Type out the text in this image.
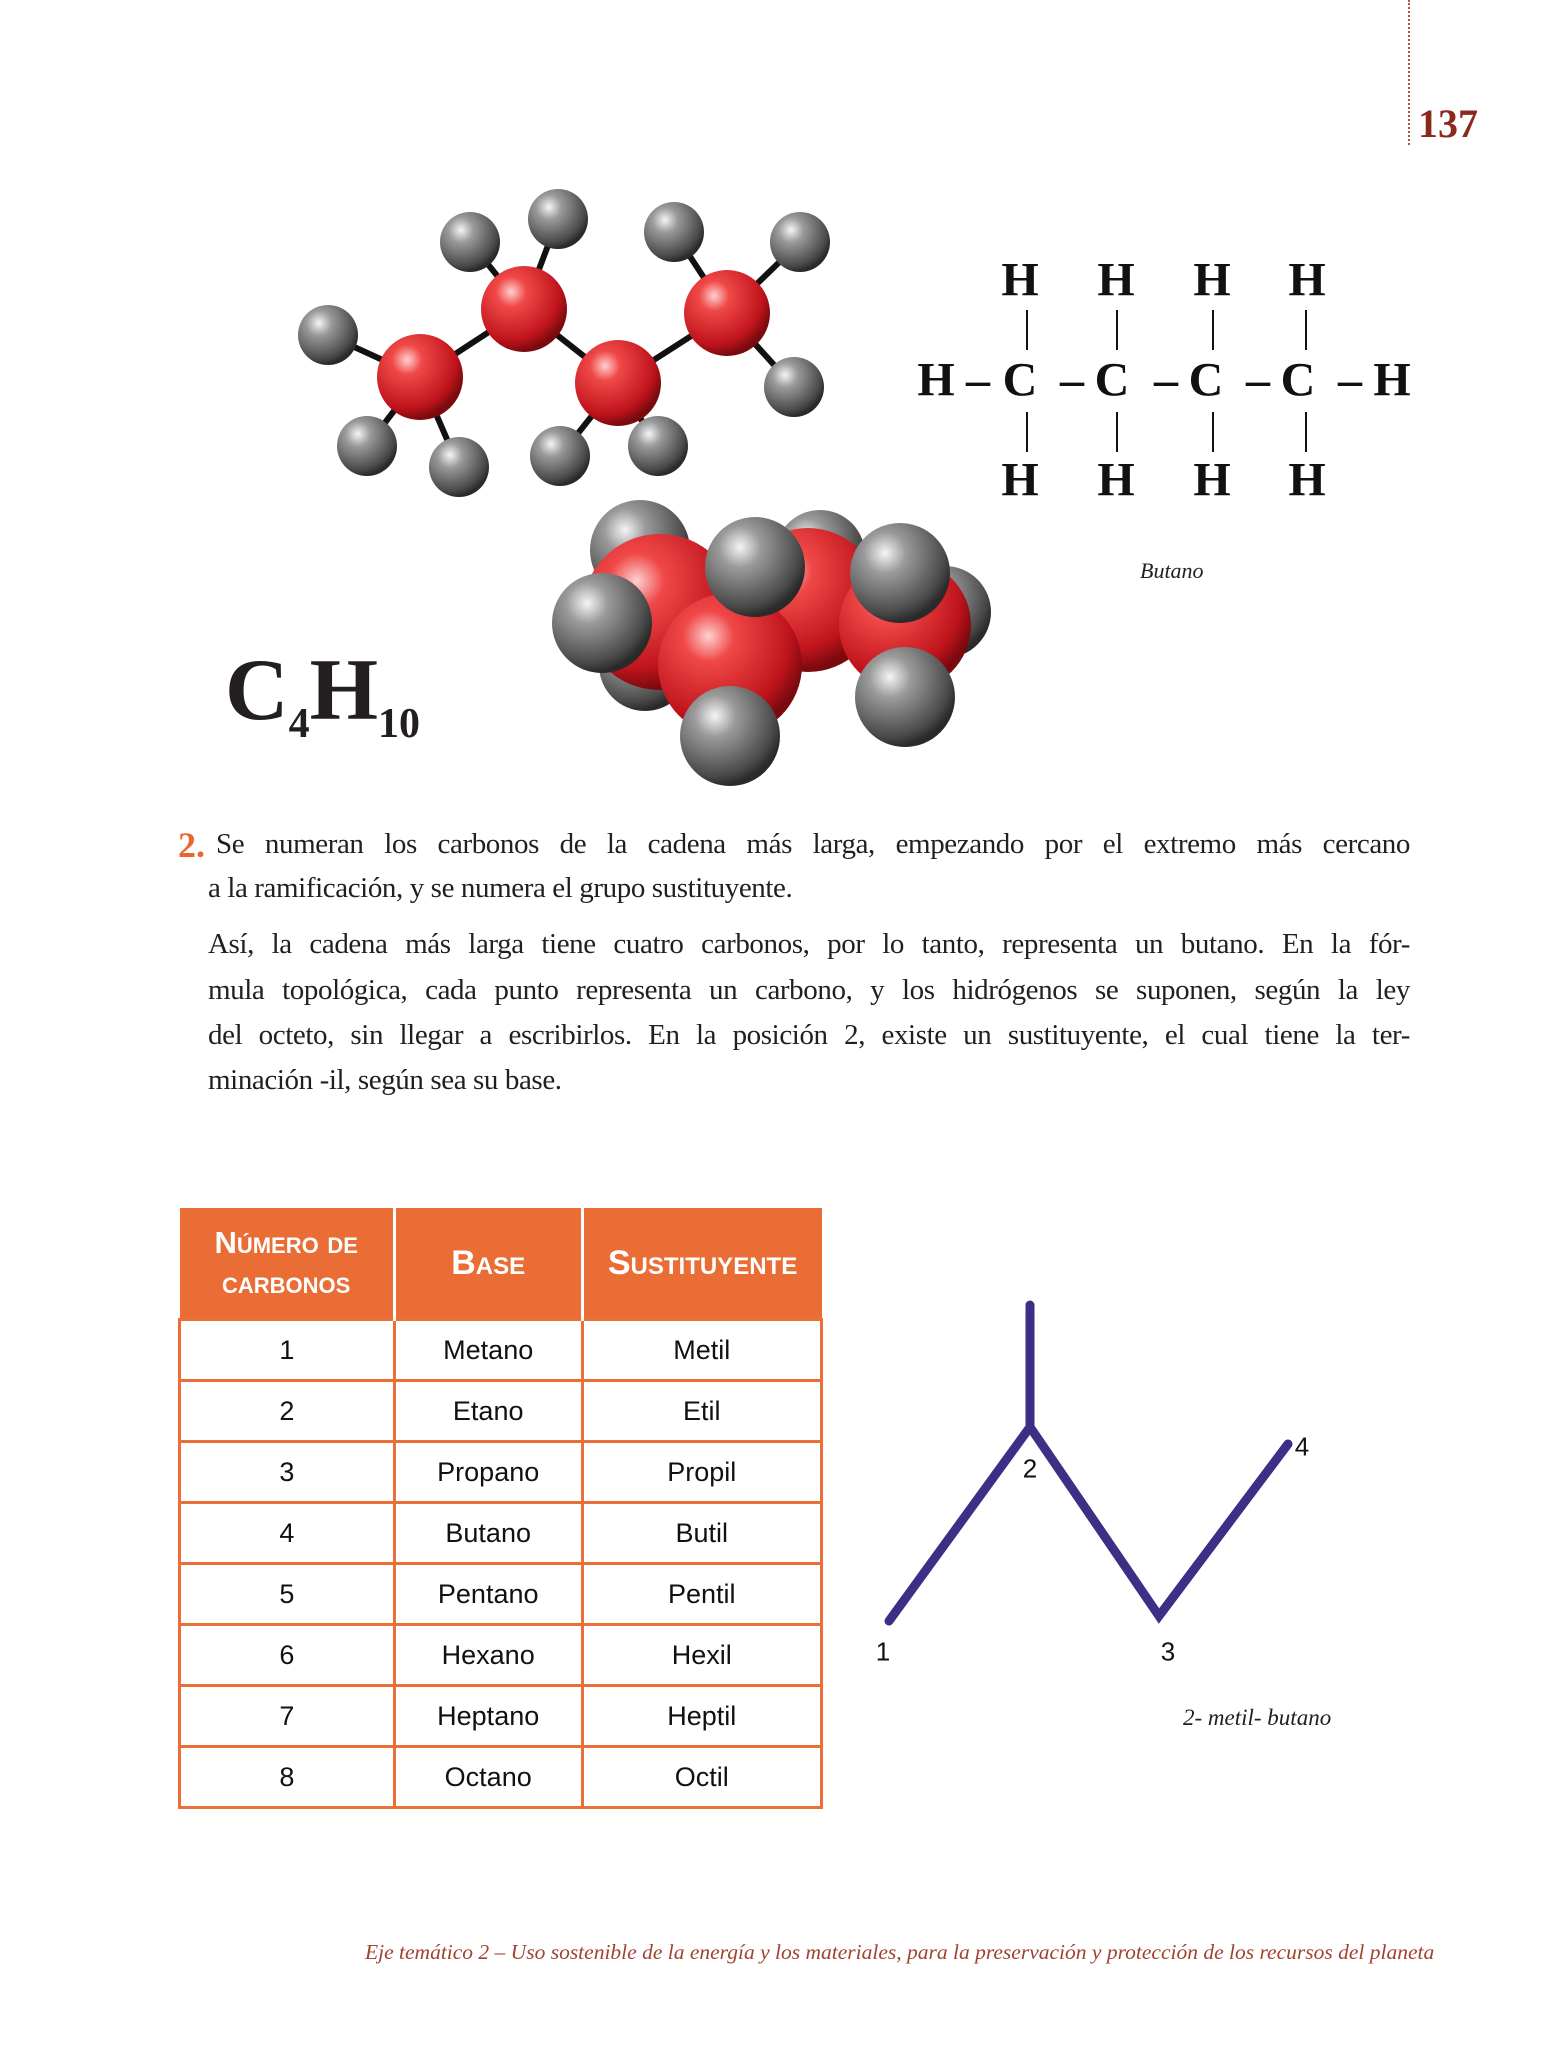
137
H H H H
H – C – C – C – C – H
H H H H
Butano
$C_4H_{10}$
2. Se numeran los carbonos de la cadena más larga, empezando por el extremo más cercano
a la ramificación, y se numera el grupo sustituyente.
Así, la cadena más larga tiene cuatro carbonos, por lo tanto, representa un butano. En la fór-
mula topológica, cada punto representa un carbono, y los hidrógenos se suponen, según la ley
del octeto, sin llegar a escribirlos. En la posición 2, existe un sustituyente, el cual tiene la ter-
minación -il, según sea su base.
Número de carbonos	Base	Sustituyente
1	Metano	Metil
2	Etano	Etil
3	Propano	Propil
4	Butano	Butil
5	Pentano	Pentil
6	Hexano	Hexil
7	Heptano	Heptil
8	Octano	Octil
1
2
3
4
2- metil- butano
Eje temático 2 – Uso sostenible de la energía y los materiales, para la preservación y protección de los recursos del planeta
